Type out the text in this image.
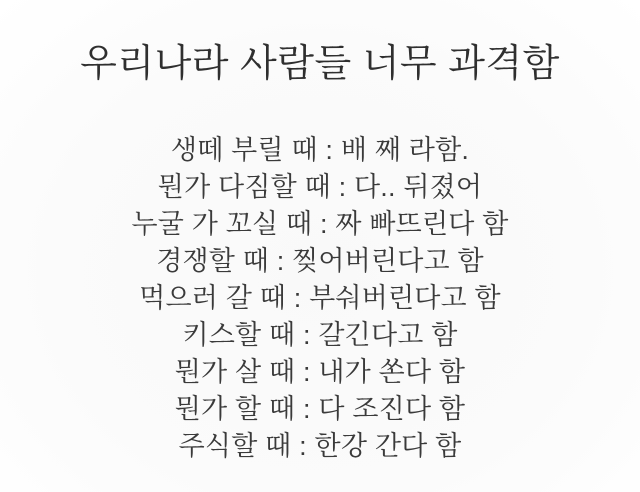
우리나라 사람들 너무 과격함
생떼 부릴 때 : 배 째 라함.
뭔가 다짐할 때 : 다.. 뒤졌어
누굴 가 꼬실 때 : 짜 빠뜨린다 함
경쟁할 때 : 찢어버린다고 함
먹으러 갈 때 : 부숴버린다고 함
키스할 때 : 갈긴다고 함
뭔가 살 때 : 내가 쏜다 함
뭔가 할 때 : 다 조진다 함
주식할 때 : 한강 간다 함
